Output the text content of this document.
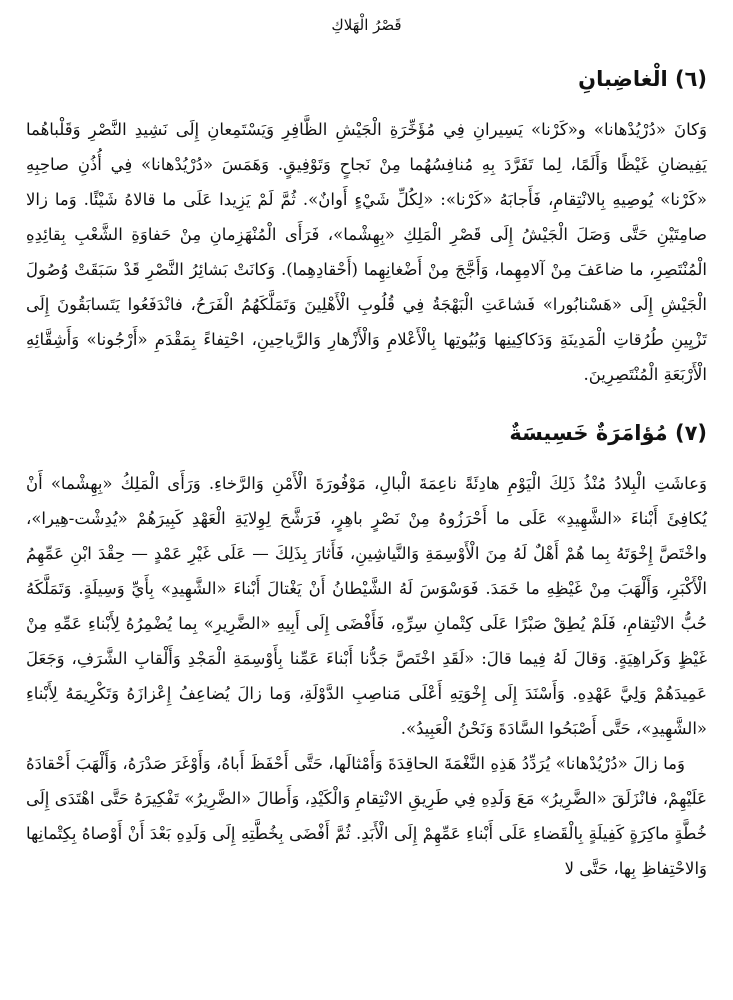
قَصْرُ الْهَلاكِ
(٦) الْغاضِبانِ

وَكانَ «دُرْيُدْهانا» و«كَرْنا» يَسِيرانِ فِي مُؤَخِّرَةِ الْجَيْشِ الظَّافِرِ وَيَسْتَمِعانِ إِلَى نَشِيدِ النَّصْرِ وَقَلْباهُما يَفِيضانِ غَيْظًا وَأَلَمًا، لِما تَفَرَّدَ بِهِ مُنافِسُهُما مِنْ نَجاحٍ وَتَوْفِيقٍ. وَهَمَسَ «دُرْيُدْهانا» فِي أُذُنِ صاحِبِهِ «كَرْنا» يُوصِيهِ بِالانْتِقامِ، فَأَجابَهُ «كَرْنا»: «لِكُلِّ شَيْءٍ أَوانٌ». ثُمَّ لَمْ يَزِيدا عَلَى ما قالاهُ شَيْئًا. وَما زالا صامِتَيْنِ حَتَّى وَصَلَ الْجَيْشُ إِلَى قَصْرِ الْمَلِكِ «بِهِشْما»، فَرَأَى الْمُنْهَزِمانِ مِنْ حَفاوَةِ الشَّعْبِ بِقائِدِهِ الْمُنْتَصِرِ، ما ضاعَفَ مِنْ آلامِهِما، وَأَجَّجَ مِنْ أَضْغانِهِما (أَحْقادِهِما). وَكانَتْ بَشائِرُ النَّصْرِ قَدْ سَبَقَتْ وُصُولَ الْجَيْشِ إِلَى «هَسْنابُورا» فَشاعَتِ الْبَهْجَةُ فِي قُلُوبِ الْأَهْلِينَ وَتَمَلَّكَهُمُ الْفَرَحُ، فانْدَفَعُوا يَتَسابَقُونَ إِلَى تَزْيِينِ طُرُقاتِ الْمَدِينَةِ وَدَكاكِينِها وَبُيُوتِها بِالْأَعْلامِ وَالْأَزْهارِ وَالرَّياحِينِ، احْتِفاءً بِمَقْدَمِ «أَرْجُونا» وَأَشِقَّائِهِ الْأَرْبَعَةِ الْمُنْتَصِرِينَ.

(٧) مُؤامَرَةٌ خَسِيسَةٌ

وَعاشَتِ الْبِلادُ مُنْذُ ذَلِكَ الْيَوْمِ هادِئَةً ناعِمَةَ الْبالِ، مَوْفُورَةَ الْأَمْنِ وَالرَّخاءِ. وَرَأَى الْمَلِكُ «بِهِشْما» أَنْ يُكافِئَ أَبْناءَ «الشَّهِيدِ» عَلَى ما أَحْرَزُوهُ مِنْ نَصْرٍ باهِرٍ، فَرَشَّحَ لِوِلايَةِ الْعَهْدِ كَبِيرَهُمْ «يُدِشْت-هِيرا»، واخْتَصَّ إِخْوَتَهُ بِما هُمْ أَهْلٌ لَهُ مِنَ الْأَوْسِمَةِ وَالنَّياشِينِ، فَأَثارَ بِذَلِكَ — عَلَى غَيْرِ عَمْدٍ — حِقْدَ ابْنِ عَمِّهِمُ الْأَكْبَرِ، وَأَلْهَبَ مِنْ غَيْظِهِ ما خَمَدَ. فَوَسْوَسَ لَهُ الشَّيْطانُ أَنْ يَغْتالَ أَبْناءَ «الشَّهِيدِ» بِأَيِّ وَسِيلَةٍ. وَتَمَلَّكَهُ حُبُّ الانْتِقامِ، فَلَمْ يُطِقْ صَبْرًا عَلَى كِتْمانِ سِرِّهِ، فَأَفْضَى إِلَى أَبِيهِ «الضَّرِيرِ» بِما يُضْمِرُهُ لِأَبْناءِ عَمِّهِ مِنْ غَيْظٍ وَكَراهِيَةٍ. وَقالَ لَهُ فِيما قالَ: «لَقَدِ اخْتَصَّ جَدُّنا أَبْناءَ عَمِّنا بِأَوْسِمَةِ الْمَجْدِ وَأَلْقابِ الشَّرَفِ، وَجَعَلَ عَمِيدَهُمْ وَلِيَّ عَهْدِهِ. وَأَسْنَدَ إِلَى إِخْوَتِهِ أَعْلَى مَناصِبِ الدَّوْلَةِ، وَما زالَ يُضاعِفُ إِعْزازَهُ وَتَكْرِيمَهُ لِأَبْناءِ «الشَّهِيدِ»، حَتَّى أَصْبَحُوا السَّادَةَ وَنَحْنُ الْعَبِيدُ».

وَما زالَ «دُرْيُدْهانا» يُرَدِّدُ هَذِهِ النَّغْمَةَ الحاقِدَةَ وَأَمْثالَها، حَتَّى أَحْفَظَ أَباهُ، وَأَوْغَرَ صَدْرَهُ، وَأَلْهَبَ أَحْقادَهُ عَلَيْهِمْ، فانْزَلَقَ «الضَّرِيرُ» مَعَ وَلَدِهِ فِي طَرِيقِ الانْتِقامِ وَالْكَيْدِ، وَأَطالَ «الضَّرِيرُ» تَفْكِيرَهُ حَتَّى اهْتَدَى إِلَى خُطَّةٍ ماكِرَةٍ كَفِيلَةٍ بِالْقَضاءِ عَلَى أَبْناءِ عَمِّهِمْ إِلَى الْأَبَدِ. ثُمَّ أَفْضَى بِخُطَّتِهِ إِلَى وَلَدِهِ بَعْدَ أَنْ أَوْصاهُ بِكِتْمانِها وَالاحْتِفاظِ بِها، حَتَّى لا
